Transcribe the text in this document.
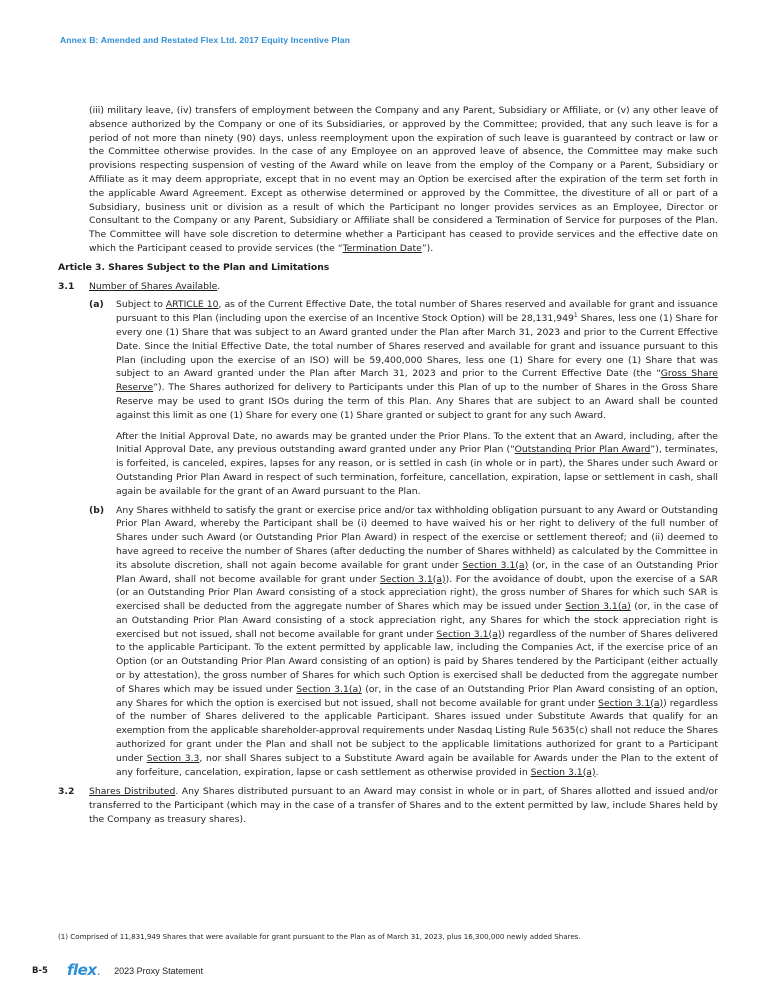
Annex B: Amended and Restated Flex Ltd. 2017 Equity Incentive Plan

(iii) military leave, (iv) transfers of employment between the Company and any Parent, Subsidiary or Affiliate, or (v) any other leave of absence authorized by the Company or one of its Subsidiaries, or approved by the Committee; provided, that any such leave is for a period of not more than ninety (90) days, unless reemployment upon the expiration of such leave is guaranteed by contract or law or the Committee otherwise provides. In the case of any Employee on an approved leave of absence, the Committee may make such provisions respecting suspension of vesting of the Award while on leave from the employ of the Company or a Parent, Subsidiary or Affiliate as it may deem appropriate, except that in no event may an Option be exercised after the expiration of the term set forth in the applicable Award Agreement. Except as otherwise determined or approved by the Committee, the divestiture of all or part of a Subsidiary, business unit or division as a result of which the Participant no longer provides services as an Employee, Director or Consultant to the Company or any Parent, Subsidiary or Affiliate shall be considered a Termination of Service for purposes of the Plan. The Committee will have sole discretion to determine whether a Participant has ceased to provide services and the effective date on which the Participant ceased to provide services (the “Termination Date”).

Article 3. Shares Subject to the Plan and Limitations
3.1	Number of Shares Available.
(a)	Subject to ARTICLE 10, as of the Current Effective Date, the total number of Shares reserved and available for grant and issuance pursuant to this Plan (including upon the exercise of an Incentive Stock Option) will be 28,131,949$^1$ Shares, less one (1) Share for every one (1) Share that was subject to an Award granted under the Plan after March 31, 2023 and prior to the Current Effective Date. Since the Initial Effective Date, the total number of Shares reserved and available for grant and issuance pursuant to this Plan (including upon the exercise of an ISO) will be 59,400,000 Shares, less one (1) Share for every one (1) Share that was subject to an Award granted under the Plan after March 31, 2023 and prior to the Current Effective Date (the “Gross Share Reserve”). The Shares authorized for delivery to Participants under this Plan of up to the number of Shares in the Gross Share Reserve may be used to grant ISOs during the term of this Plan. Any Shares that are subject to an Award shall be counted against this limit as one (1) Share for every one (1) Share granted or subject to grant for any such Award.
After the Initial Approval Date, no awards may be granted under the Prior Plans. To the extent that an Award, including, after the Initial Approval Date, any previous outstanding award granted under any Prior Plan (“Outstanding Prior Plan Award”), terminates, is forfeited, is canceled, expires, lapses for any reason, or is settled in cash (in whole or in part), the Shares under such Award or Outstanding Prior Plan Award in respect of such termination, forfeiture, cancellation, expiration, lapse or settlement in cash, shall again be available for the grant of an Award pursuant to the Plan.
(b)	Any Shares withheld to satisfy the grant or exercise price and/or tax withholding obligation pursuant to any Award or Outstanding Prior Plan Award, whereby the Participant shall be (i) deemed to have waived his or her right to delivery of the full number of Shares under such Award (or Outstanding Prior Plan Award) in respect of the exercise or settlement thereof; and (ii) deemed to have agreed to receive the number of Shares (after deducting the number of Shares withheld) as calculated by the Committee in its absolute discretion, shall not again become available for grant under Section 3.1(a) (or, in the case of an Outstanding Prior Plan Award, shall not become available for grant under Section 3.1(a)). For the avoidance of doubt, upon the exercise of a SAR (or an Outstanding Prior Plan Award consisting of a stock appreciation right), the gross number of Shares for which such SAR is exercised shall be deducted from the aggregate number of Shares which may be issued under Section 3.1(a) (or, in the case of an Outstanding Prior Plan Award consisting of a stock appreciation right, any Shares for which the stock appreciation right is exercised but not issued, shall not become available for grant under Section 3.1(a)) regardless of the number of Shares delivered to the applicable Participant. To the extent permitted by applicable law, including the Companies Act, if the exercise price of an Option (or an Outstanding Prior Plan Award consisting of an option) is paid by Shares tendered by the Participant (either actually or by attestation), the gross number of Shares for which such Option is exercised shall be deducted from the aggregate number of Shares which may be issued under Section 3.1(a) (or, in the case of an Outstanding Prior Plan Award consisting of an option, any Shares for which the option is exercised but not issued, shall not become available for grant under Section 3.1(a)) regardless of the number of Shares delivered to the applicable Participant. Shares issued under Substitute Awards that qualify for an exemption from the applicable shareholder-approval requirements under Nasdaq Listing Rule 5635(c) shall not reduce the Shares authorized for grant under the Plan and shall not be subject to the applicable limitations authorized for grant to a Participant under Section 3.3, nor shall Shares subject to a Substitute Award again be available for Awards under the Plan to the extent of any forfeiture, cancelation, expiration, lapse or cash settlement as otherwise provided in Section 3.1(a).
3.2	Shares Distributed. Any Shares distributed pursuant to an Award may consist in whole or in part, of Shares allotted and issued and/or transferred to the Participant (which may in the case of a transfer of Shares and to the extent permitted by law, include Shares held by the Company as treasury shares).
(1) Comprised of 11,831,949 Shares that were available for grant pursuant to the Plan as of March 31, 2023, plus 16,300,000 newly added Shares.
B-5	flex. 2023 Proxy Statement
